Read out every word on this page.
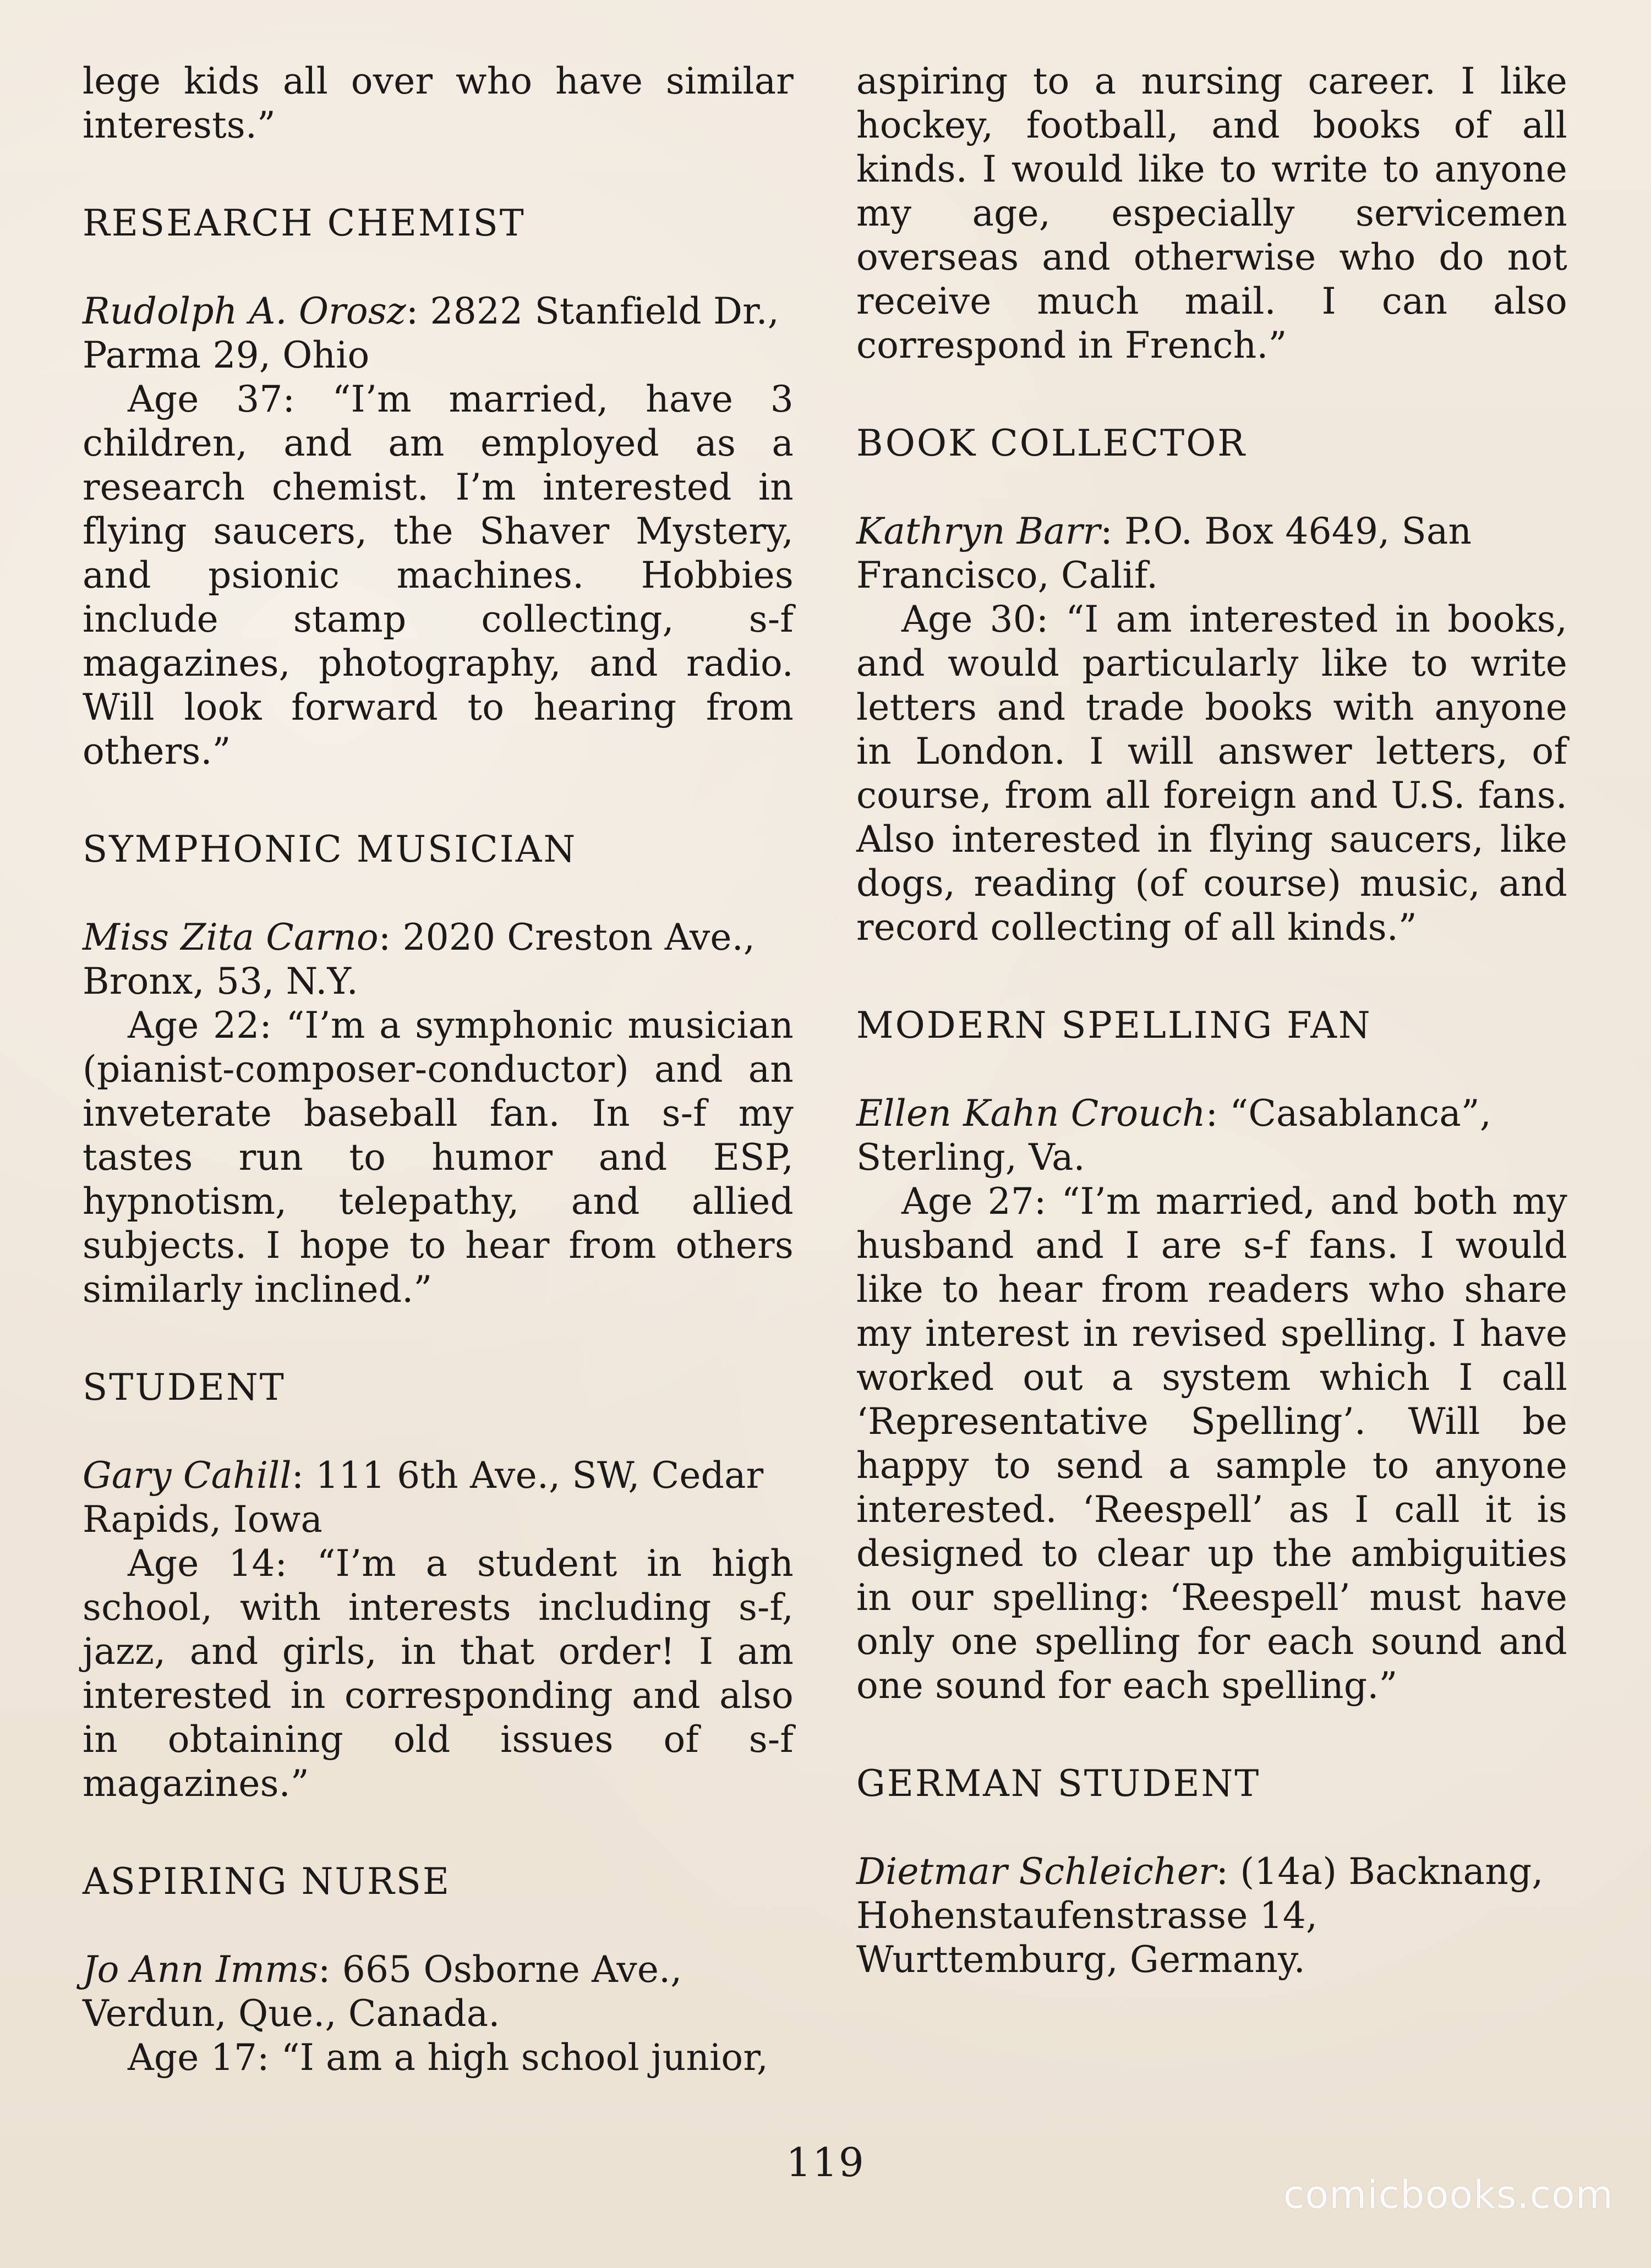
lege kids all over who have similar interests.”

RESEARCH CHEMIST

Rudolph A. Orosz: 2822 Stanfield Dr., Parma 29, Ohio

Age 37: “I’m married, have 3 children, and am employed as a research chemist. I’m interested in flying saucers, the Shaver Mystery, and psionic machines. Hobbies include stamp collecting, s-f magazines, photography, and radio. Will look forward to hearing from others.”

SYMPHONIC MUSICIAN

Miss Zita Carno: 2020 Creston Ave., Bronx, 53, N.Y.

Age 22: “I’m a symphonic musician (pianist-composer-conductor) and an inveterate baseball fan. In s-f my tastes run to humor and ESP, hypnotism, telepathy, and allied subjects. I hope to hear from others similarly inclined.”

STUDENT

Gary Cahill: 111 6th Ave., SW, Cedar Rapids, Iowa

Age 14: “I’m a student in high school, with interests including s-f, jazz, and girls, in that order! I am interested in corresponding and also in obtaining old issues of s-f magazines.”

ASPIRING NURSE

Jo Ann Imms: 665 Osborne Ave., Verdun, Que., Canada.

Age 17: “I am a high school junior,

aspiring to a nursing career. I like hockey, football, and books of all kinds. I would like to write to anyone my age, especially servicemen overseas and otherwise who do not receive much mail. I can also correspond in French.”

BOOK COLLECTOR

Kathryn Barr: P.O. Box 4649, San Francisco, Calif.

Age 30: “I am interested in books, and would particularly like to write letters and trade books with anyone in London. I will answer letters, of course, from all foreign and U.S. fans. Also interested in flying saucers, like dogs, reading (of course) music, and record collecting of all kinds.”

MODERN SPELLING FAN

Ellen Kahn Crouch: “Casablanca”, Sterling, Va.

Age 27: “I’m married, and both my husband and I are s-f fans. I would like to hear from readers who share my interest in revised spelling. I have worked out a system which I call ‘Representative Spelling’. Will be happy to send a sample to anyone interested. ‘Reespell’ as I call it is designed to clear up the ambiguities in our spelling: ‘Reespell’ must have only one spelling for each sound and one sound for each spelling.”

GERMAN STUDENT

Dietmar Schleicher: (14a) Backnang, Hohenstaufenstrasse 14, Wurttemburg, Germany.

119
comicbooks.com
